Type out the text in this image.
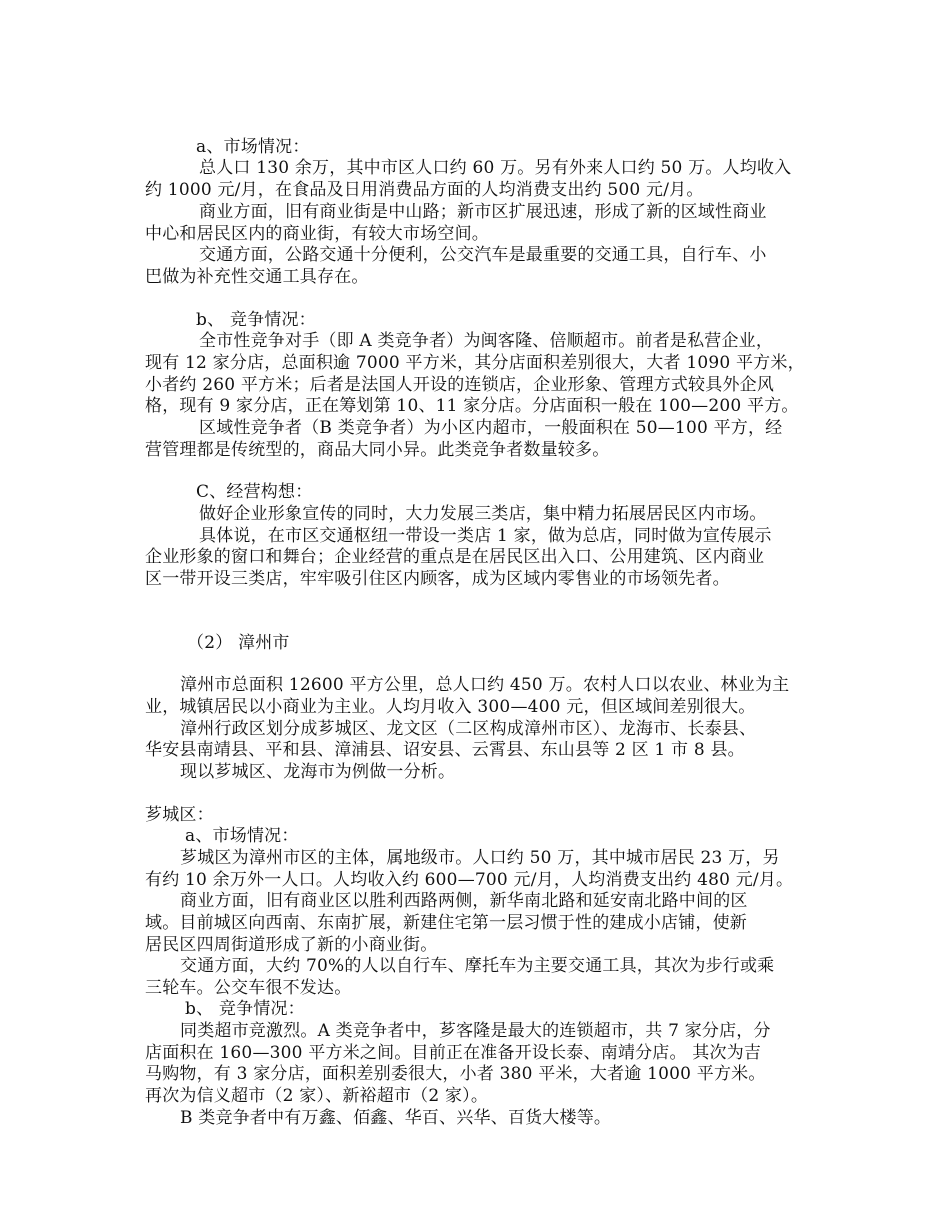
a、市场情况：
总人口 130 余万，其中市区人口约 60 万。另有外来人口约 50 万。人均收入
约 1000 元/月，在食品及日用消费品方面的人均消费支出约 500 元/月。
商业方面，旧有商业街是中山路；新市区扩展迅速，形成了新的区域性商业
中心和居民区内的商业街，有较大市场空间。
交通方面，公路交通十分便利，公交汽车是最重要的交通工具，自行车、小
巴做为补充性交通工具存在。
b、 竞争情况：
全市性竞争对手（即 A 类竞争者）为闽客隆、倍顺超市。前者是私营企业，
现有 12 家分店，总面积逾 7000 平方米，其分店面积差别很大，大者 1090 平方米，
小者约 260 平方米；后者是法国人开设的连锁店，企业形象、管理方式较具外企风
格，现有 9 家分店，正在筹划第 10、11 家分店。分店面积一般在 100—200 平方。
区域性竞争者（B 类竞争者）为小区内超市，一般面积在 50—100 平方，经
营管理都是传统型的，商品大同小异。此类竞争者数量较多。
C、经营构想：
做好企业形象宣传的同时，大力发展三类店，集中精力拓展居民区内市场。
具体说，在市区交通枢纽一带设一类店 1 家，做为总店，同时做为宣传展示
企业形象的窗口和舞台；企业经营的重点是在居民区出入口、公用建筑、区内商业
区一带开设三类店，牢牢吸引住区内顾客，成为区域内零售业的市场领先者。
（2） 漳州市
漳州市总面积 12600 平方公里，总人口约 450 万。农村人口以农业、林业为主
业，城镇居民以小商业为主业。人均月收入 300—400 元，但区域间差别很大。
漳州行政区划分成芗城区、龙文区（二区构成漳州市区）、龙海市、长泰县、
华安县南靖县、平和县、漳浦县、诏安县、云霄县、东山县等 2 区 1 市 8 县。
现以芗城区、龙海市为例做一分析。
芗城区：
a、市场情况：
芗城区为漳州市区的主体，属地级市。人口约 50 万，其中城市居民 23 万，另
有约 10 余万外一人口。人均收入约 600—700 元/月，人均消费支出约 480 元/月。
商业方面，旧有商业区以胜利西路两侧，新华南北路和延安南北路中间的区
域。目前城区向西南、东南扩展，新建住宅第一层习惯于性的建成小店铺，使新
居民区四周街道形成了新的小商业街。
交通方面，大约 70%的人以自行车、摩托车为主要交通工具，其次为步行或乘
三轮车。公交车很不发达。
b、 竞争情况：
同类超市竞激烈。A 类竞争者中，芗客隆是最大的连锁超市，共 7 家分店，分
店面积在 160—300 平方米之间。目前正在准备开设长泰、南靖分店。 其次为吉
马购物，有 3 家分店，面积差别委很大，小者 380 平米，大者逾 1000 平方米。
再次为信义超市（2 家）、新裕超市（2 家）。
B 类竞争者中有万鑫、佰鑫、华百、兴华、百货大楼等。
